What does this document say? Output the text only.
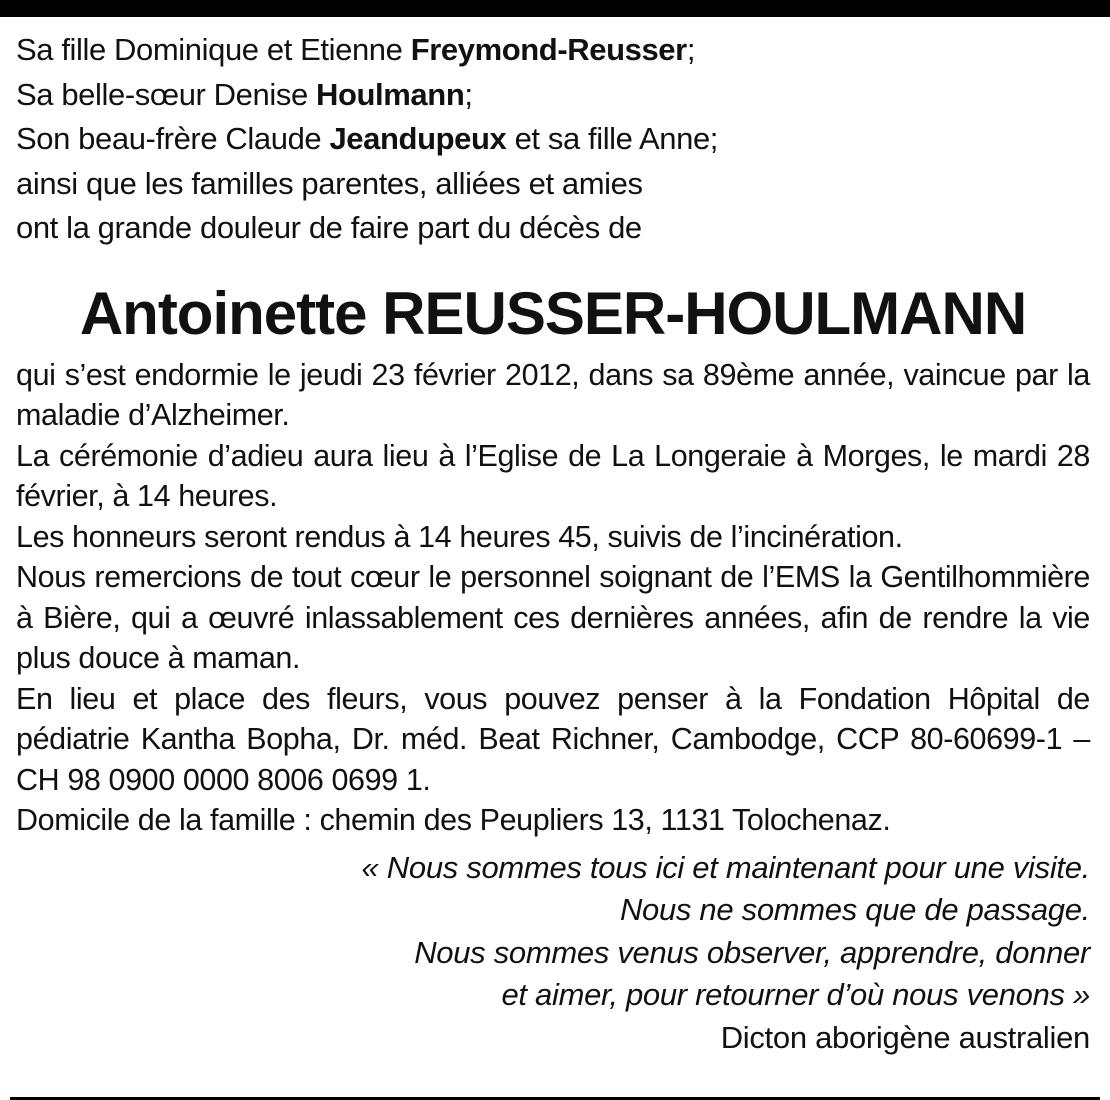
Sa fille Dominique et Etienne Freymond-Reusser;
Sa belle-sœur Denise Houlmann;
Son beau-frère Claude Jeandupeux et sa fille Anne;
ainsi que les familles parentes, alliées et amies
ont la grande douleur de faire part du décès de
Antoinette REUSSER-HOULMANN

qui s’est endormie le jeudi 23 février 2012, dans sa 89ème année, vaincue par la maladie d’Alzheimer.

La cérémonie d’adieu aura lieu à l’Eglise de La Longeraie à Morges, le mardi 28 février, à 14 heures.

Les honneurs seront rendus à 14 heures 45, suivis de l’incinération.

Nous remercions de tout cœur le personnel soignant de l’EMS la Gentilhommière à Bière, qui a œuvré inlassablement ces dernières années, afin de rendre la vie plus douce à maman.

En lieu et place des fleurs, vous pouvez penser à la Fondation Hôpital de pédiatrie Kantha Bopha, Dr. méd. Beat Richner, Cambodge, CCP 80-60699-1 – CH 98 0900 0000 8006 0699 1.

Domicile de la famille : chemin des Peupliers 13, 1131 Tolochenaz.

« Nous sommes tous ici et maintenant pour une visite.
Nous ne sommes que de passage.
Nous sommes venus observer, apprendre, donner
et aimer, pour retourner d’où nous venons »
Dicton aborigène australien
